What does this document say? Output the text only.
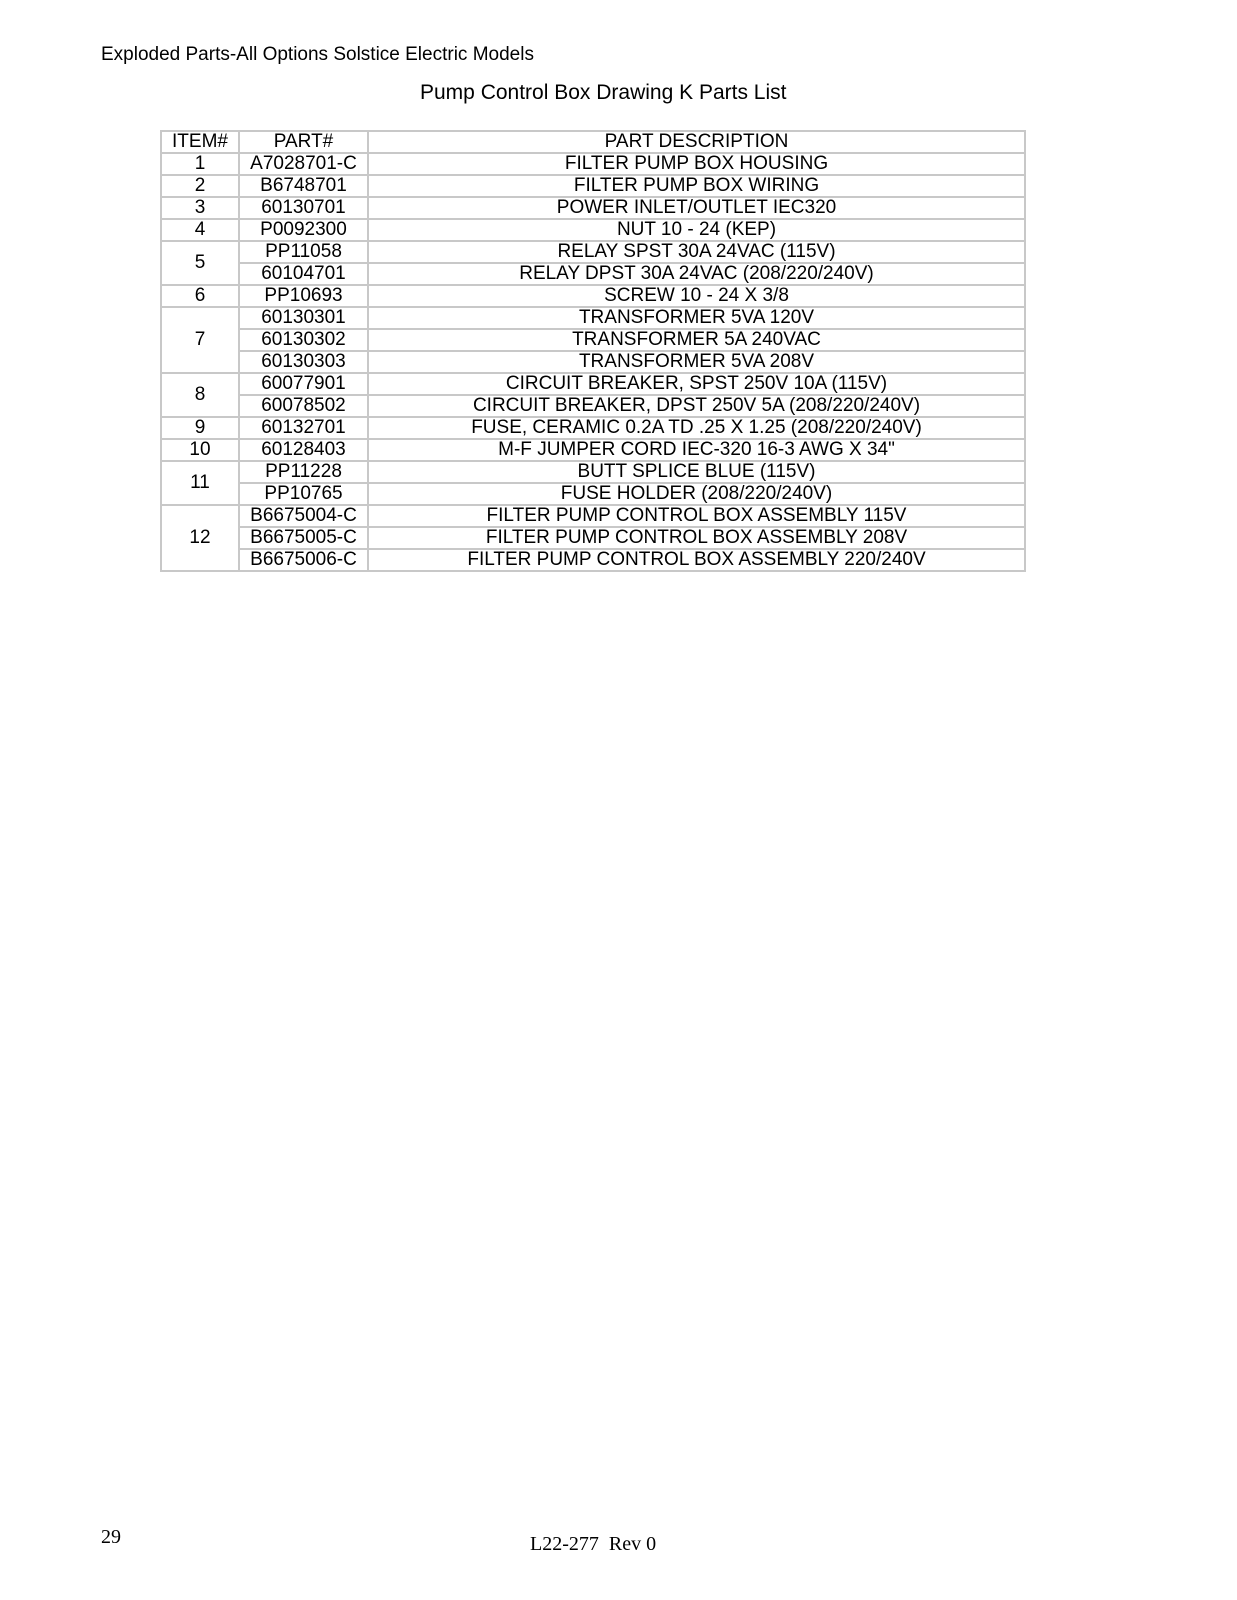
Exploded Parts-All Options Solstice Electric Models
Pump Control Box Drawing K Parts List
ITEM#	PART#	PART DESCRIPTION
1	A7028701-C	FILTER PUMP BOX HOUSING
2	B6748701	FILTER PUMP BOX WIRING
3	60130701	POWER INLET/OUTLET IEC320
4	P0092300	NUT 10 - 24 (KEP)
5	PP11058	RELAY SPST 30A 24VAC (115V)
	60104701	RELAY DPST 30A 24VAC (208/220/240V)
6	PP10693	SCREW 10 - 24 X 3/8
7	60130301	TRANSFORMER 5VA 120V
	60130302	TRANSFORMER 5A 240VAC
	60130303	TRANSFORMER 5VA 208V
8	60077901	CIRCUIT BREAKER, SPST 250V 10A (115V)
	60078502	CIRCUIT BREAKER, DPST 250V 5A (208/220/240V)
9	60132701	FUSE, CERAMIC 0.2A TD .25 X 1.25 (208/220/240V)
10	60128403	M-F JUMPER CORD IEC-320 16-3 AWG X 34"
11	PP11228	BUTT SPLICE BLUE (115V)
	PP10765	FUSE HOLDER (208/220/240V)
12	B6675004-C	FILTER PUMP CONTROL BOX ASSEMBLY 115V
	B6675005-C	FILTER PUMP CONTROL BOX ASSEMBLY 208V
	B6675006-C	FILTER PUMP CONTROL BOX ASSEMBLY 220/240V
29	L22-277  Rev 0
